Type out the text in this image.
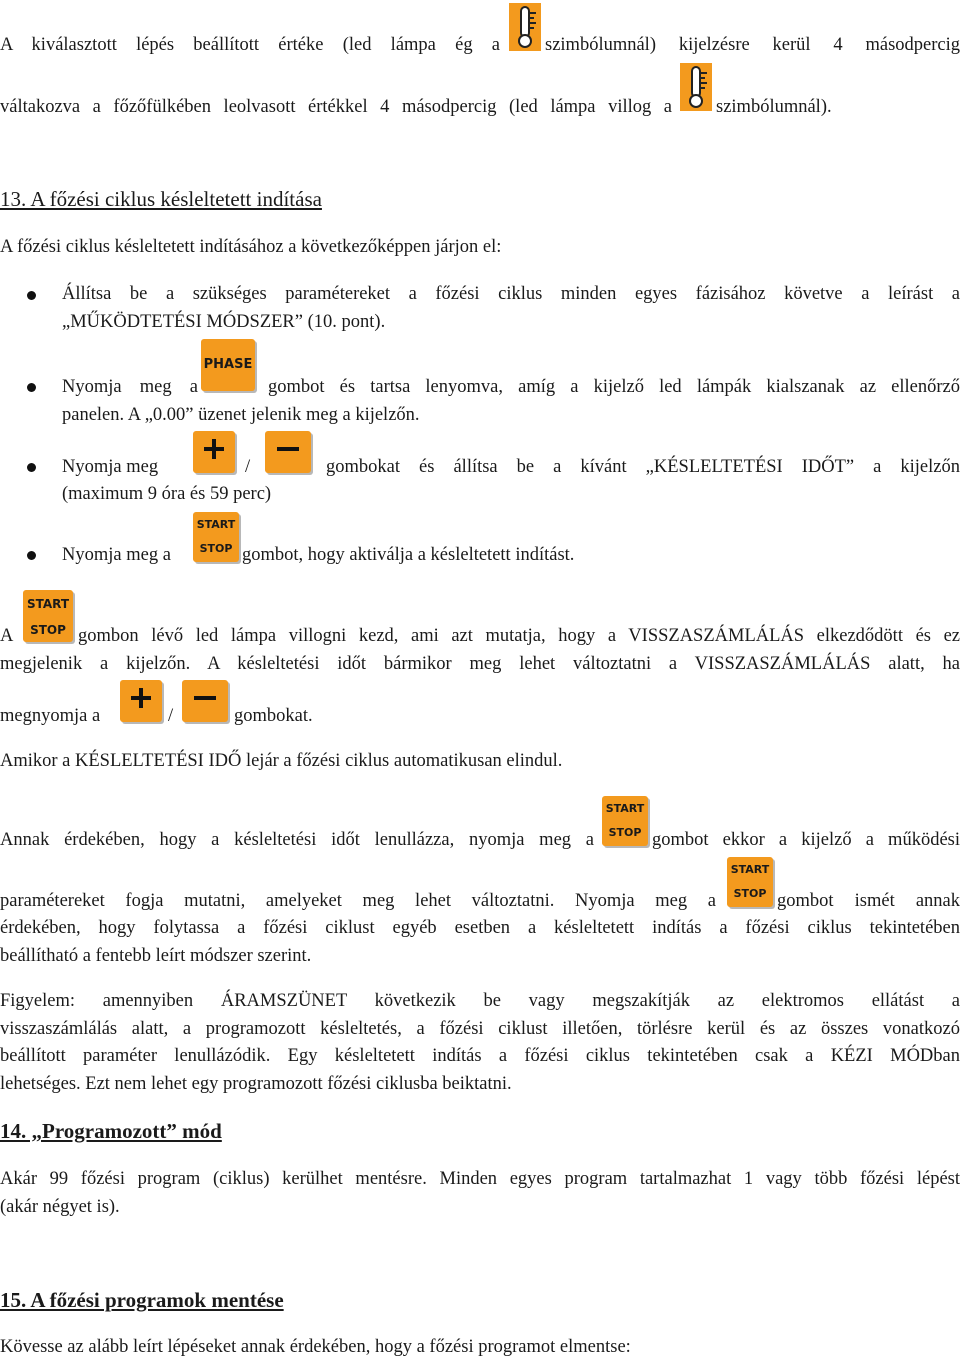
A kiválasztott lépés beállított értéke (led lámpa ég a szimbólumnál) kijelzésre kerül 4 másodpercig
váltakozva a főzőfülkében leolvasott értékkel 4 másodpercig (led lámpa villog a szimbólumnál).
13. A főzési ciklus késleltetett indítása
A főzési ciklus késleltetett indításához a következőképpen járjon el:
Állítsa be a szükséges paramétereket a főzési ciklus minden egyes fázisához követve a leírást a
„MŰKÖDTETÉSI MÓDSZER” (10. pont).
Nyomja meg a
PHASE
gombot és tartsa lenyomva, amíg a kijelző led lámpák kialszanak az ellenőrző
panelen. A „0.00” üzenet jelenik meg a kijelzőn.
Nyomja meg	/	gombokat és állítsa be a kívánt „KÉSLELTETÉSI IDŐT” a kijelzőn
(maximum 9 óra és 59 perc)
Nyomja meg a
START
STOP gombot, hogy aktiválja a késleltetett indítást.
A
START
STOP gombon lévő led lámpa villogni kezd, ami azt mutatja, hogy a VISSZASZÁMLÁLÁS elkezdődött és ez
megjelenik a kijelzőn. A késleltetési időt bármikor meg lehet változtatni a VISSZASZÁMLÁLÁS alatt, ha
megnyomja a	/	gombokat.
Amikor a KÉSLELTETÉSI IDŐ lejár a főzési ciklus automatikusan elindul.
Annak érdekében, hogy a késleltetési időt lenullázza, nyomja meg a
START
STOP gombot ekkor a kijelző a működési
paramétereket fogja mutatni, amelyeket meg lehet változtatni. Nyomja meg a
START
STOP gombot ismét annak
érdekében, hogy folytassa a főzési ciklust egyéb esetben a késleltetett indítás a főzési ciklus tekintetében
beállítható a fentebb leírt módszer szerint.
Figyelem: amennyiben ÁRAMSZÜNET következik be vagy megszakítják az elektromos ellátást a
visszaszámlálás alatt, a programozott késleltetés, a főzési ciklust illetően, törlésre kerül és az összes vonatkozó
beállított paraméter lenullázódik. Egy késleltetett indítás a főzési ciklus tekintetében csak a KÉZI MÓDban
lehetséges. Ezt nem lehet egy programozott főzési ciklusba beiktatni.
14. „Programozott” mód
Akár 99 főzési program (ciklus) kerülhet mentésre. Minden egyes program tartalmazhat 1 vagy több főzési lépést
(akár négyet is).
15. A főzési programok mentése
Kövesse az alább leírt lépéseket annak érdekében, hogy a főzési programot elmentse:
